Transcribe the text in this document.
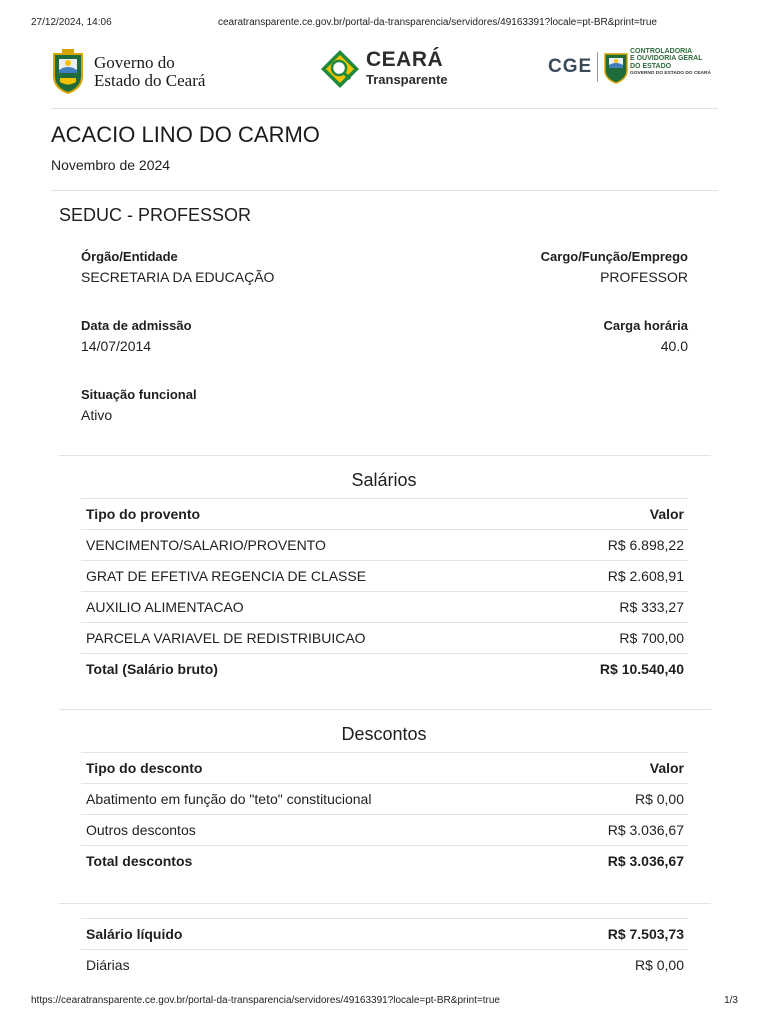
27/12/2024, 14:06	cearatransparente.ce.gov.br/portal-da-transparencia/servidores/49163391?locale=pt-BR&print=true
Governo do
Estado do Ceará
CEARÁ
Transparente
CGE
CONTROLADORIA
E OUVIDORIA GERAL
DO ESTADO
GOVERNO DO ESTADO DO CEARÁ
ACACIO LINO DO CARMO
Novembro de 2024
SEDUC - PROFESSOR
Órgão/Entidade
SECRETARIA DA EDUCAÇÃO
Cargo/Função/Emprego
PROFESSOR
Data de admissão
14/07/2014
Carga horária
40.0
Situação funcional
Ativo
Salários
Tipo do provento	Valor
VENCIMENTO/SALARIO/PROVENTO	R$ 6.898,22
GRAT DE EFETIVA REGENCIA DE CLASSE	R$ 2.608,91
AUXILIO ALIMENTACAO	R$ 333,27
PARCELA VARIAVEL DE REDISTRIBUICAO	R$ 700,00
Total (Salário bruto)	R$ 10.540,40
Descontos
Tipo do desconto	Valor
Abatimento em função do "teto" constitucional	R$ 0,00
Outros descontos	R$ 3.036,67
Total descontos	R$ 3.036,67
Salário líquido	R$ 7.503,73
Diárias	R$ 0,00
https://cearatransparente.ce.gov.br/portal-da-transparencia/servidores/49163391?locale=pt-BR&print=true	1/3
